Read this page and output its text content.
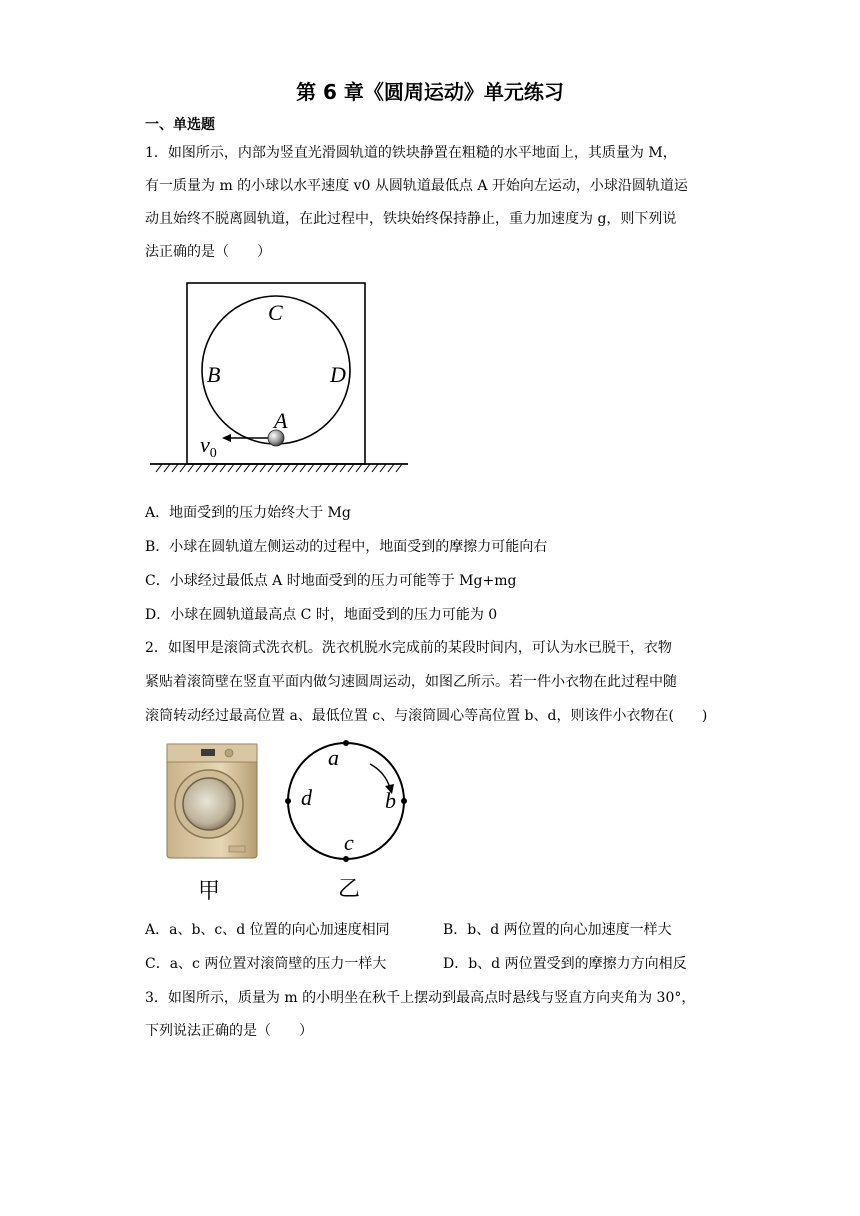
第 6 章《圆周运动》单元练习
一、单选题
1．如图所示，内部为竖直光滑圆轨道的铁块静置在粗糙的水平地面上，其质量为 M，
有一质量为 m 的小球以水平速度 v0 从圆轨道最低点 A 开始向左运动，小球沿圆轨道运
动且始终不脱离圆轨道，在此过程中，铁块始终保持静止，重力加速度为 g，则下列说
法正确的是（　　）
C
B	D
A
$v_0$
A．地面受到的压力始终大于 Mg
B．小球在圆轨道左侧运动的过程中，地面受到的摩擦力可能向右
C．小球经过最低点 A 时地面受到的压力可能等于 Mg+mg
D．小球在圆轨道最高点 C 时，地面受到的压力可能为 0
2．如图甲是滚筒式洗衣机。洗衣机脱水完成前的某段时间内，可认为水已脱干，衣物
紧贴着滚筒壁在竖直平面内做匀速圆周运动，如图乙所示。若一件小衣物在此过程中随
滚筒转动经过最高位置 a、最低位置 c、与滚筒圆心等高位置 b、d，则该件小衣物在(　　)
a
b
c
d
甲	乙
A．a、b、c、d 位置的向心加速度相同	B．b、d 两位置的向心加速度一样大
C．a、c 两位置对滚筒壁的压力一样大	D．b、d 两位置受到的摩擦力方向相反
3．如图所示，质量为 m 的小明坐在秋千上摆动到最高点时悬线与竖直方向夹角为 30°，
下列说法正确的是（　　）
